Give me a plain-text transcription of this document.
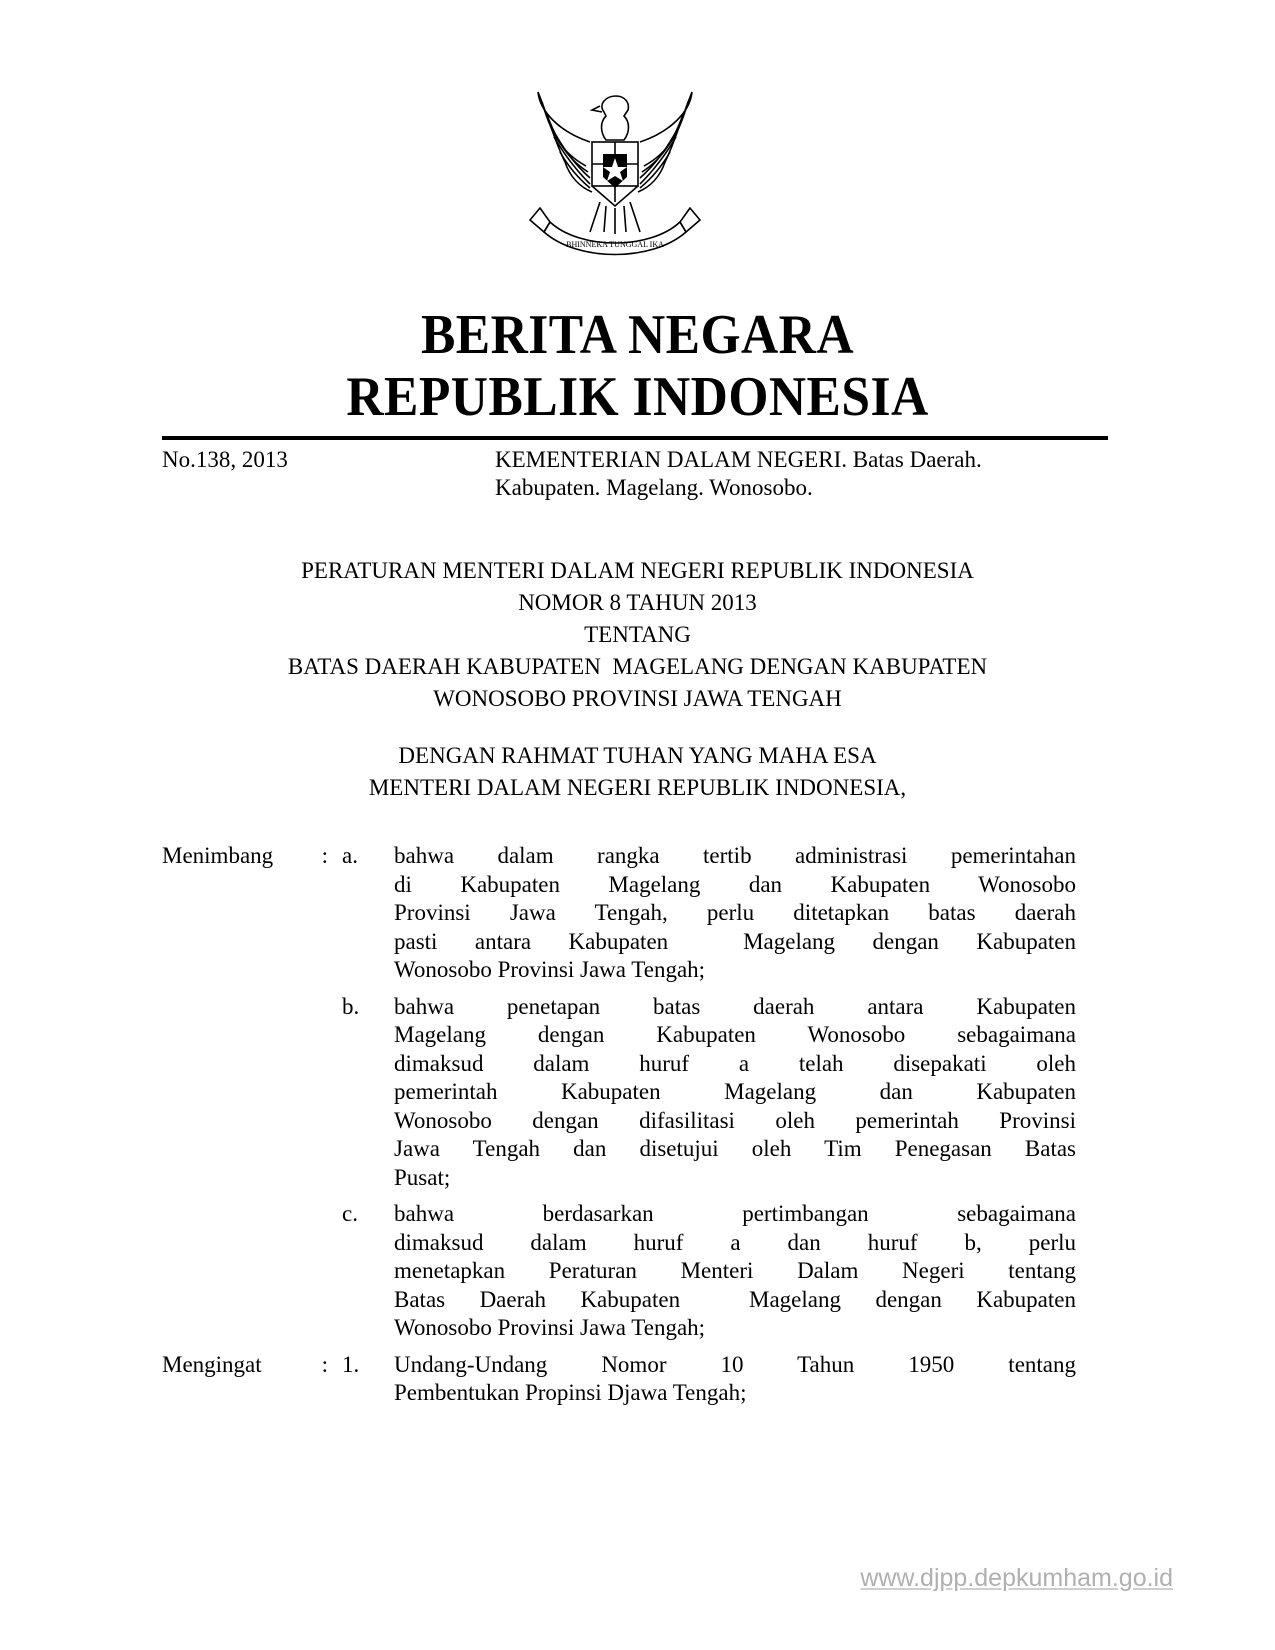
BHINNEKA TUNGGAL IKA
BERITA NEGARA
REPUBLIK INDONESIA
No.138, 2013	KEMENTERIAN DALAM NEGERI. Batas Daerah.
Kabupaten. Magelang. Wonosobo.
PERATURAN MENTERI DALAM NEGERI REPUBLIK INDONESIA
NOMOR 8 TAHUN 2013
TENTANG
BATAS DAERAH KABUPATEN  MAGELANG DENGAN KABUPATEN
WONOSOBO PROVINSI JAWA TENGAH
DENGAN RAHMAT TUHAN YANG MAHA ESA
MENTERI DALAM NEGERI REPUBLIK INDONESIA,
Menimbang : a.	bahwa dalam rangka tertib administrasi pemerintahan
di Kabupaten Magelang dan Kabupaten Wonosobo
Provinsi Jawa Tengah, perlu ditetapkan batas daerah
pasti antara Kabupaten  Magelang dengan Kabupaten
Wonosobo Provinsi Jawa Tengah;
b.	bahwa penetapan batas daerah antara Kabupaten
Magelang dengan Kabupaten Wonosobo sebagaimana
dimaksud dalam huruf a telah disepakati oleh
pemerintah Kabupaten Magelang dan Kabupaten
Wonosobo dengan difasilitasi oleh pemerintah Provinsi
Jawa Tengah dan disetujui oleh Tim Penegasan Batas
Pusat;
c.	bahwa berdasarkan pertimbangan sebagaimana
dimaksud dalam huruf a dan huruf b, perlu
menetapkan Peraturan Menteri Dalam Negeri tentang
Batas Daerah Kabupaten  Magelang dengan Kabupaten
Wonosobo Provinsi Jawa Tengah;
Mengingat	: 1.	Undang-Undang Nomor 10 Tahun 1950 tentang
Pembentukan Propinsi Djawa Tengah;
www.djpp.depkumham.go.id
